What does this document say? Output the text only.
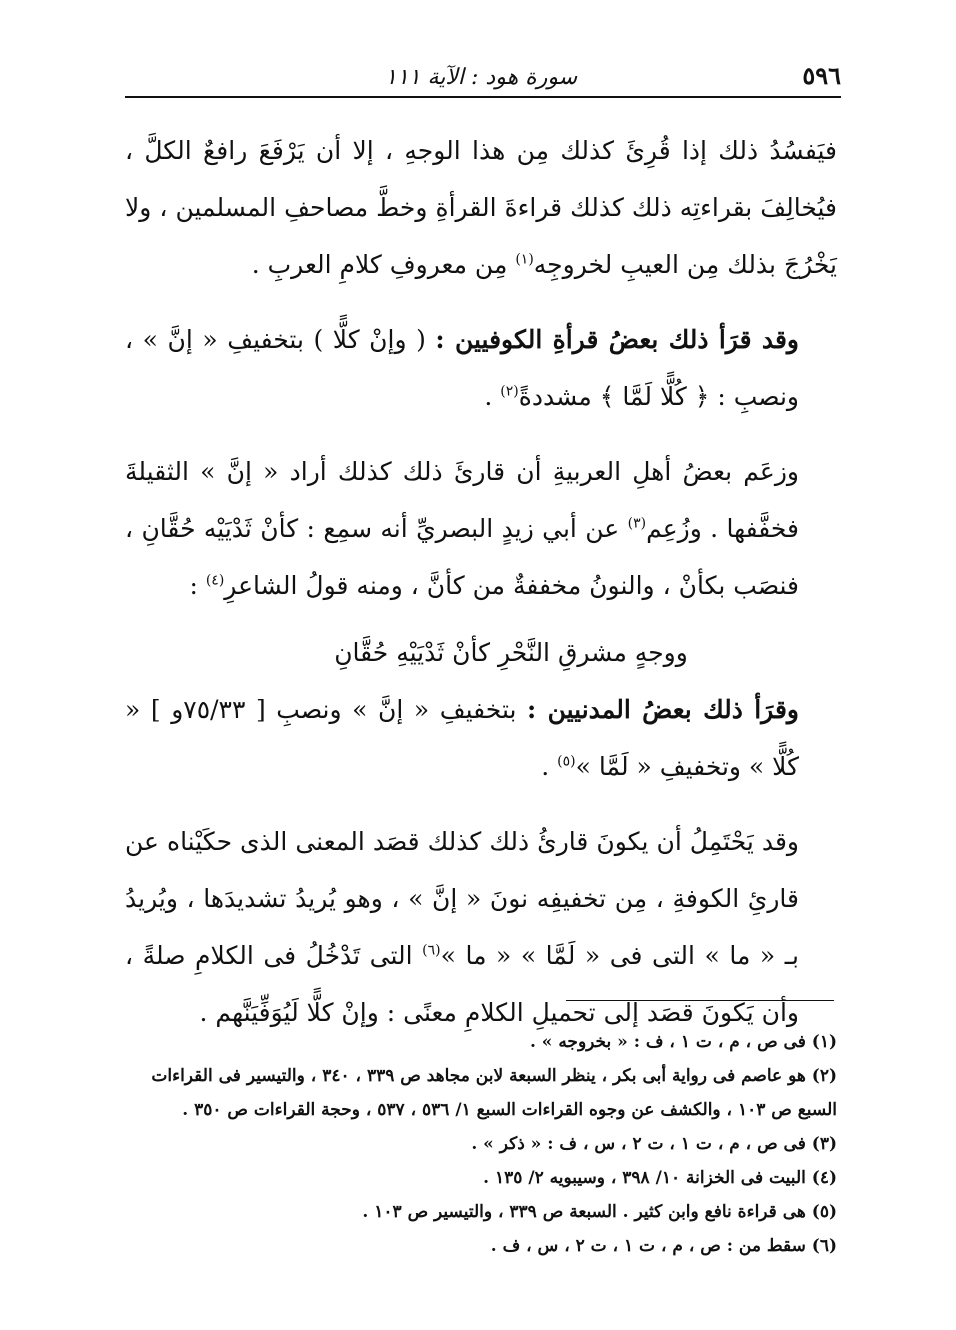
٥٩٦
سورة هود : الآية ١١١

فيَفسُدُ ذلك إذا قُرِئَ كذلك مِن هذا الوجهِ ، إلا أن يَرْفَعَ رافعٌ الكلَّ ، فيُخالِفَ بقراءتِه ذلك كذلك قراءةَ القرأةِ وخطَّ مصاحفِ المسلمين ، ولا يَخْرُجَ بذلك مِن العيبِ لخروجِه$^{(١)}$ مِن معروفِ كلامِ العربِ .

وقد قرَأ ذلك بعضُ قرأةِ الكوفيين : ( وإنْ كلًّا ) بتخفيفِ « إنَّ » ، ونصبِ : ﴿ كُلًّا لَمَّا ﴾ مشددةً$^{(٢)}$ .

وزعَم بعضُ أهلِ العربيةِ أن قارئَ ذلك كذلك أراد « إنَّ » الثقيلةَ فخفَّفها . وزُعِم$^{(٣)}$ عن أبي زيدٍ البصريِّ أنه سمِع : كأنْ ثَدْيَيْه حُقَّانِ ، فنصَب بكأنْ ، والنونُ مخففةٌ من كأنَّ ، ومنه قولُ الشاعرِ$^{(٤)}$ :

ووجهٍ مشرقِ النَّحْرِ كأنْ ثَدْيَيْهِ حُقَّانِ

وقرَأ ذلك بعضُ المدنيين : بتخفيفِ « إنَّ » ونصبِ [ ٧٥/٣٣و ] « كُلًّا » وتخفيفِ « لَمَّا »$^{(٥)}$ .

وقد يَحْتَمِلُ أن يكونَ قارئُ ذلك كذلك قصَد المعنى الذى حكَيْناه عن قارئِ الكوفةِ ، مِن تخفيفِه نونَ « إنَّ » ، وهو يُريدُ تشديدَها ، ويُريدُ بـ « ما » التى فى « لَمَّا » « ما »$^{(٦)}$ التى تَدْخُلُ فى الكلامِ صلةً ، وأن يَكونَ قصَد إلى تحميلِ الكلامِ معنًى : وإنْ كلًّا لَيُوَفِّيَنَّهم .

(١) فى ص ، م ، ت ١ ، ف : « بخروجه » .

(٢) هو عاصم فى رواية أبى بكر ، ينظر السبعة لابن مجاهد ص ٣٣٩ ، ٣٤٠ ، والتيسير فى القراءات السبع ص ١٠٣ ، والكشف عن وجوه القراءات السبع ١/ ٥٣٦ ، ٥٣٧ ، وحجة القراءات ص ٣٥٠ .

(٣) فى ص ، م ، ت ١ ، ت ٢ ، س ، ف : « ذكر » .

(٤) البيت فى الخزانة ١٠/ ٣٩٨ ، وسيبويه ٢/ ١٣٥ .

(٥) هى قراءة نافع وابن كثير . السبعة ص ٣٣٩ ، والتيسير ص ١٠٣ .

(٦) سقط من : ص ، م ، ت ١ ، ت ٢ ، س ، ف .
